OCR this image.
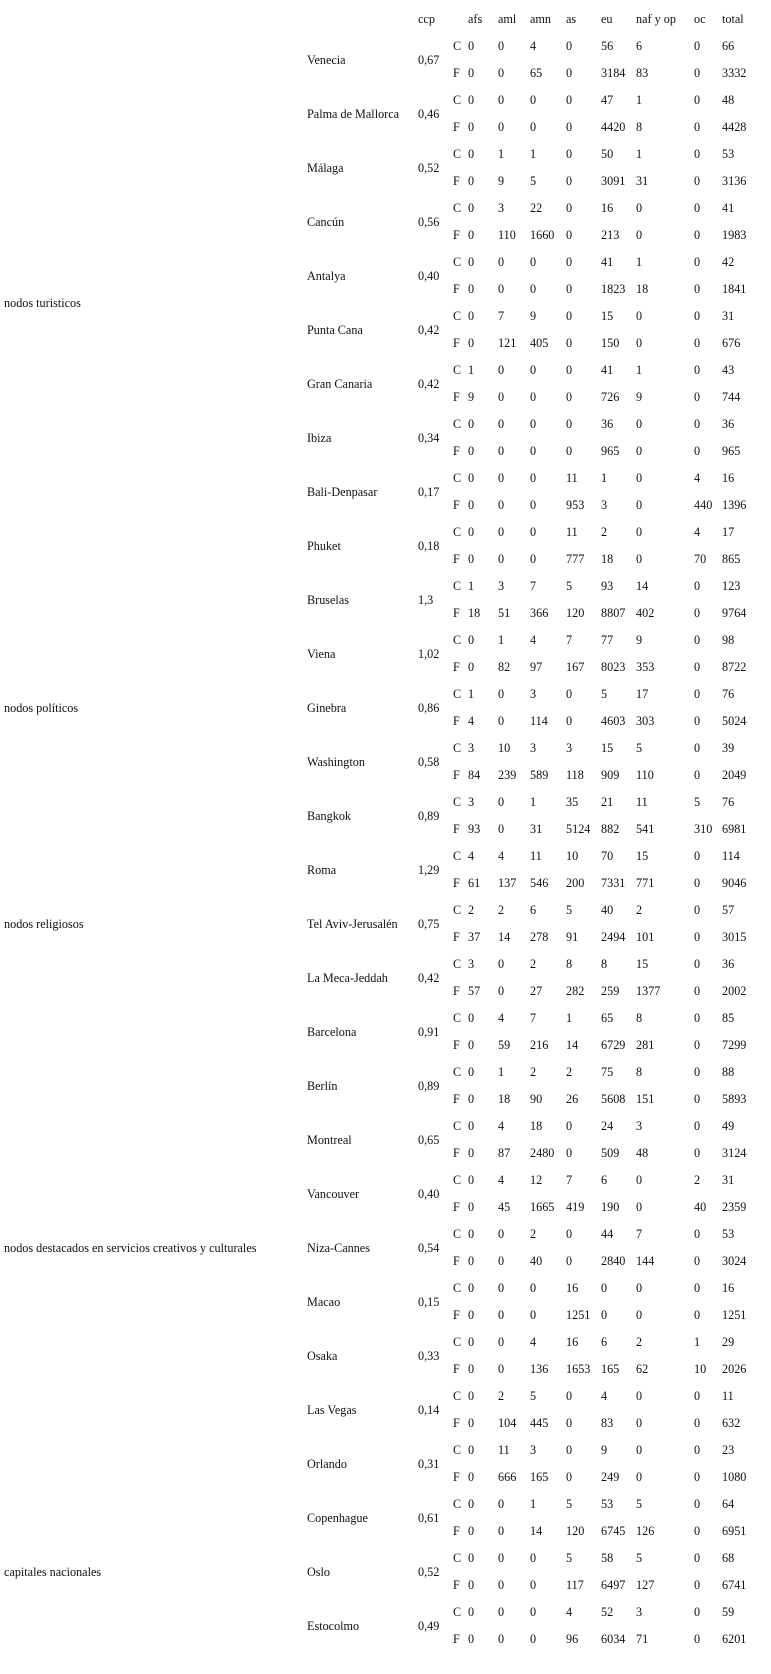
		ccp		afs	aml	amn	as	eu	naf y op	oc	total
nodos turisticos	Venecia	0,67	C	0	0	4	0	56	6	0	66
			F	0	0	65	0	3184	83	0	3332
	Palma de Mallorca	0,46	C	0	0	0	0	47	1	0	48
			F	0	0	0	0	4420	8	0	4428
	Málaga	0,52	C	0	1	1	0	50	1	0	53
			F	0	9	5	0	3091	31	0	3136
	Cancún	0,56	C	0	3	22	0	16	0	0	41
			F	0	110	1660	0	213	0	0	1983
	Antalya	0,40	C	0	0	0	0	41	1	0	42
			F	0	0	0	0	1823	18	0	1841
	Punta Cana	0,42	C	0	7	9	0	15	0	0	31
			F	0	121	405	0	150	0	0	676
	Gran Canaria	0,42	C	1	0	0	0	41	1	0	43
			F	9	0	0	0	726	9	0	744
	Ibiza	0,34	C	0	0	0	0	36	0	0	36
			F	0	0	0	0	965	0	0	965
	Bali-Denpasar	0,17	C	0	0	0	11	1	0	4	16
			F	0	0	0	953	3	0	440	1396
	Phuket	0,18	C	0	0	0	11	2	0	4	17
			F	0	0	0	777	18	0	70	865
nodos políticos	Bruselas	1,3	C	1	3	7	5	93	14	0	123
			F	18	51	366	120	8807	402	0	9764
	Viena	1,02	C	0	1	4	7	77	9	0	98
			F	0	82	97	167	8023	353	0	8722
	Ginebra	0,86	C	1	0	3	0	5	17	0	76
			F	4	0	114	0	4603	303	0	5024
	Washington	0,58	C	3	10	3	3	15	5	0	39
			F	84	239	589	118	909	110	0	2049
	Bangkok	0,89	C	3	0	1	35	21	11	5	76
			F	93	0	31	5124	882	541	310	6981
nodos religiosos	Roma	1,29	C	4	4	11	10	70	15	0	114
			F	61	137	546	200	7331	771	0	9046
	Tel Aviv-Jerusalén	0,75	C	2	2	6	5	40	2	0	57
			F	37	14	278	91	2494	101	0	3015
	La Meca-Jeddah	0,42	C	3	0	2	8	8	15	0	36
			F	57	0	27	282	259	1377	0	2002
nodos destacados en servicios creativos y culturales	Barcelona	0,91	C	0	4	7	1	65	8	0	85
			F	0	59	216	14	6729	281	0	7299
	Berlín	0,89	C	0	1	2	2	75	8	0	88
			F	0	18	90	26	5608	151	0	5893
	Montreal	0,65	C	0	4	18	0	24	3	0	49
			F	0	87	2480	0	509	48	0	3124
	Vancouver	0,40	C	0	4	12	7	6	0	2	31
			F	0	45	1665	419	190	0	40	2359
	Niza-Cannes	0,54	C	0	0	2	0	44	7	0	53
			F	0	0	40	0	2840	144	0	3024
	Macao	0,15	C	0	0	0	16	0	0	0	16
			F	0	0	0	1251	0	0	0	1251
	Osaka	0,33	C	0	0	4	16	6	2	1	29
			F	0	0	136	1653	165	62	10	2026
	Las Vegas	0,14	C	0	2	5	0	4	0	0	11
			F	0	104	445	0	83	0	0	632
	Orlando	0,31	C	0	11	3	0	9	0	0	23
			F	0	666	165	0	249	0	0	1080
capitales nacionales	Copenhague	0,61	C	0	0	1	5	53	5	0	64
			F	0	0	14	120	6745	126	0	6951
	Oslo	0,52	C	0	0	0	5	58	5	0	68
			F	0	0	0	117	6497	127	0	6741
	Estocolmo	0,49	C	0	0	0	4	52	3	0	59
			F	0	0	0	96	6034	71	0	6201
